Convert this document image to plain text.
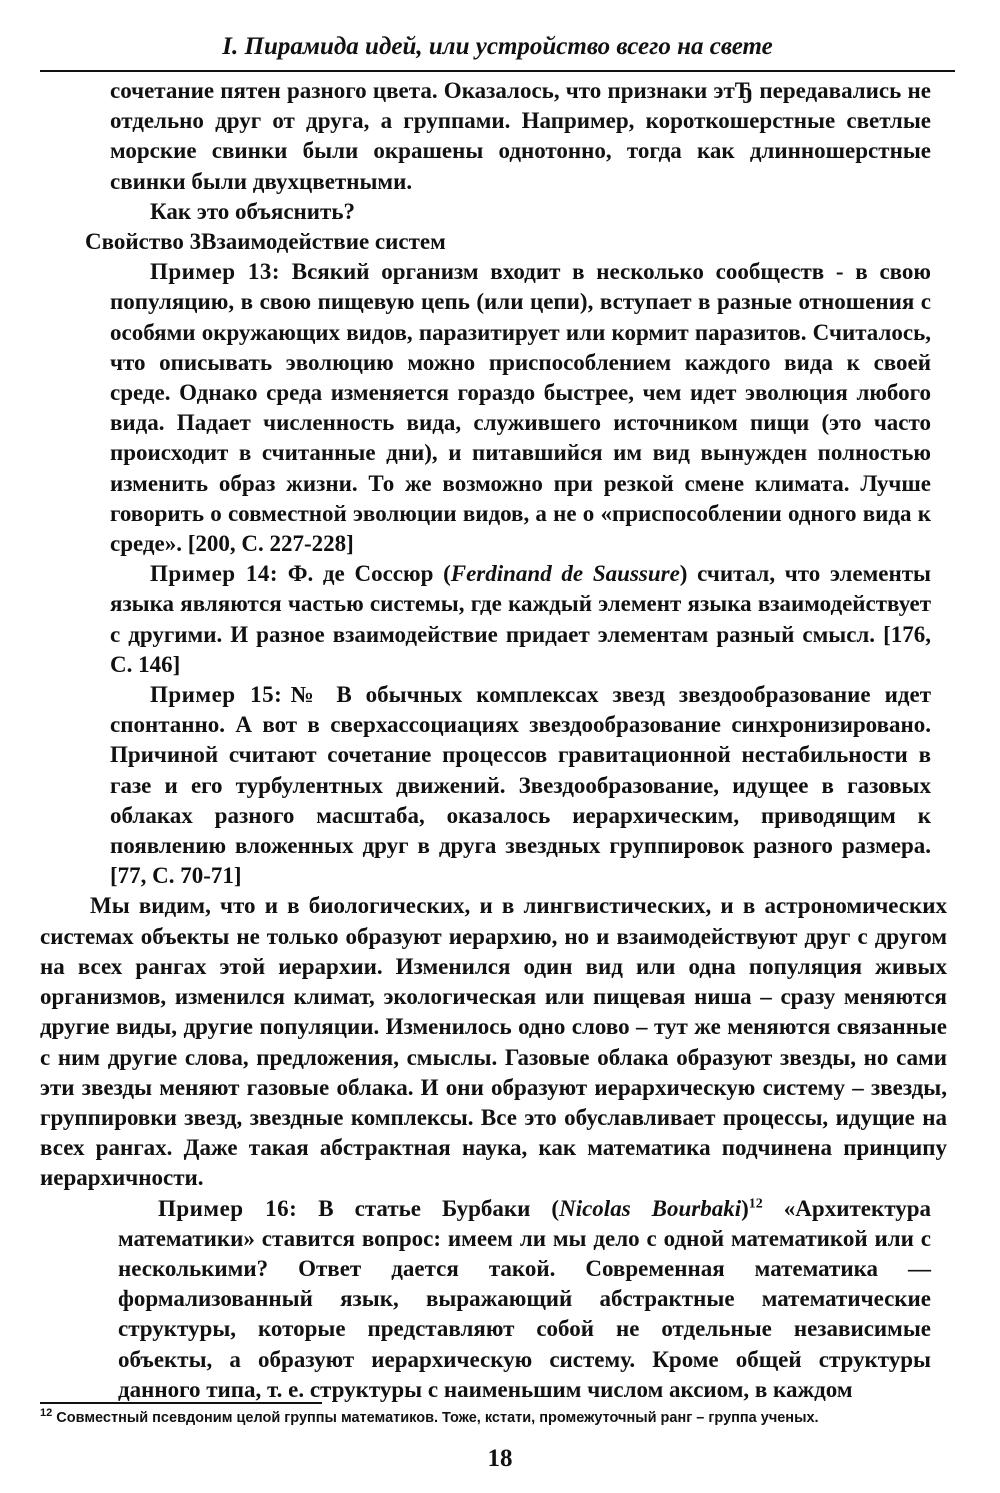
I. Пирамида идей, или устройство всего на свете

сочетание пятен разного цвета. Оказалось, что признаки этЂ передавались не отдельно друг от друга, а группами. Например, короткошерстные светлые морские свинки были окрашены однотонно, тогда как длинношерстные свинки были двухцветными.

Как это объяснить?

Свойство 3Взаимодействие систем

Пример 13: Всякий организм входит в несколько сообществ - в свою популяцию, в свою пищевую цепь (или цепи), вступает в разные отношения с особями окружающих видов, паразитирует или кормит паразитов. Считалось, что описывать эволюцию можно приспособлением каждого вида к своей среде. Однако среда изменяется гораздо быстрее, чем идет эволюция любого вида. Падает численность вида, служившего источником пищи (это часто происходит в считанные дни), и питавшийся им вид вынужден полностью изменить образ жизни. То же возможно при резкой смене климата. Лучше говорить о совместной эволюции видов, а не о «приспособлении одного вида к среде». [200, С. 227-228]

Пример 14: Ф. де Соссюр (Ferdinand de Saussure) считал, что элементы языка являются частью системы, где каждый элемент языка взаимодействует с другими. И разное взаимодействие придает элементам разный смысл. [176, С. 146]

Пример 15:№ В обычных комплексах звезд звездообразование идет спонтанно. А вот в сверхассоциациях звездообразование синхронизировано. Причиной считают сочетание процессов гравитационной нестабильности в газе и его турбулентных движений. Звездообразование, идущее в газовых облаках разного масштаба, оказалось иерархическим, приводящим к появлению вложенных друг в друга звездных группировок разного размера. [77, С. 70-71]

Мы видим, что и в биологических, и в лингвистических, и в астрономических системах объекты не только образуют иерархию, но и взаимодействуют друг с другом на всех рангах этой иерархии. Изменился один вид или одна популяция живых организмов, изменился климат, экологическая или пищевая ниша – сразу меняются другие виды, другие популяции. Изменилось одно слово – тут же меняются связанные с ним другие слова, предложения, смыслы. Газовые облака образуют звезды, но сами эти звезды меняют газовые облака. И они образуют иерархическую систему – звезды, группировки звезд, звездные комплексы. Все это обуславливает процессы, идущие на всех рангах. Даже такая абстрактная наука, как математика подчинена принципу иерархичности.

Пример 16: В статье Бурбаки (Nicolas Bourbaki)$^{12}$ «Архитектура математики» ставится вопрос: имеем ли мы дело с одной математикой или с несколькими? Ответ дается такой. Современная математика — формализованный язык, выражающий абстрактные математические структуры, которые представляют собой не отдельные независимые объекты, а образуют иерархическую систему. Кроме общей структуры данного типа, т. е. структуры с наименьшим числом аксиом, в каждом

$^{12}$ Совместный псевдоним целой группы математиков. Тоже, кстати, промежуточный ранг – группа ученых.
18
